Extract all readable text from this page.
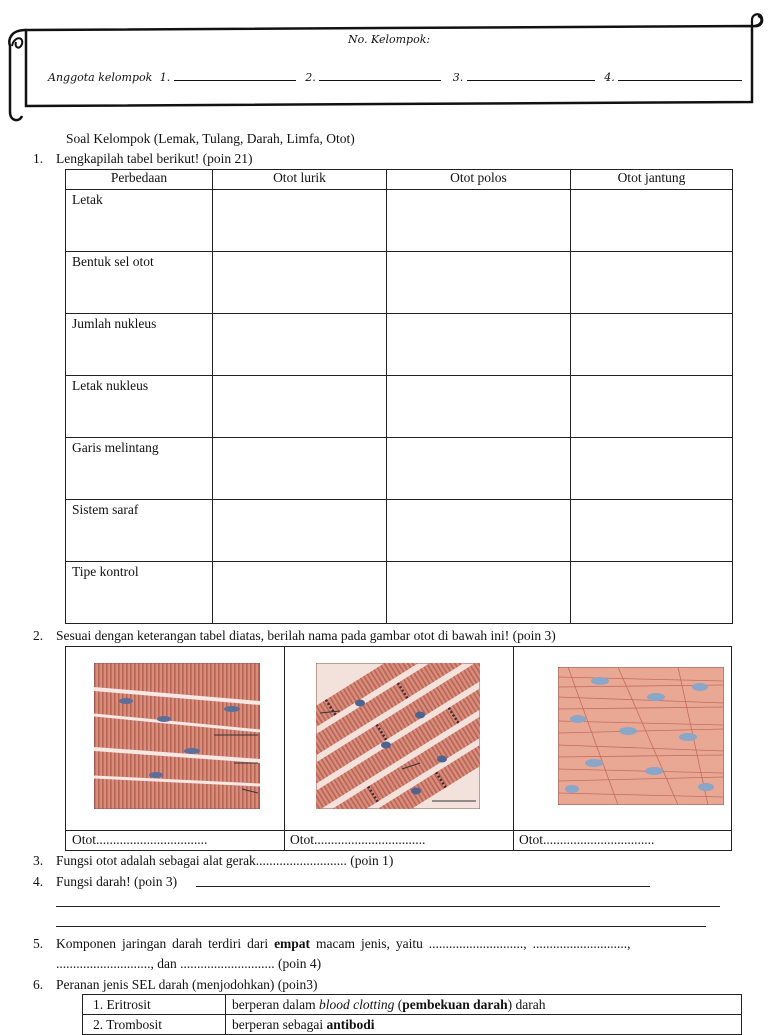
No. Kelompok:
Anggota kelompok 1.	2.	3.	4.
Soal Kelompok (Lemak, Tulang, Darah, Limfa, Otot)
1. Lengkapilah tabel berikut! (poin 21)
Perbedaan	Otot lurik	Otot polos	Otot jantung
Letak			
Bentuk sel otot			
Jumlah nukleus			
Letak nukleus			
Garis melintang			
Sistem saraf			
Tipe kontrol			
2. Sesuai dengan keterangan tabel diatas, berilah nama pada gambar otot di bawah ini! (poin 3)
Otot.................................	Otot.................................	Otot.................................
3. Fungsi otot adalah sebagai alat gerak........................... (poin 1)
4. Fungsi darah! (poin 3)
5. Komponen jaringan darah terdiri dari empat macam jenis, yaitu ............................, ............................,
............................, dan ............................ (poin 4)
6. Peranan jenis SEL darah (menjodohkan) (poin3)
1. Eritrosit	berperan dalam blood clotting (pembekuan darah) darah
2. Trombosit	berperan sebagai antibodi
